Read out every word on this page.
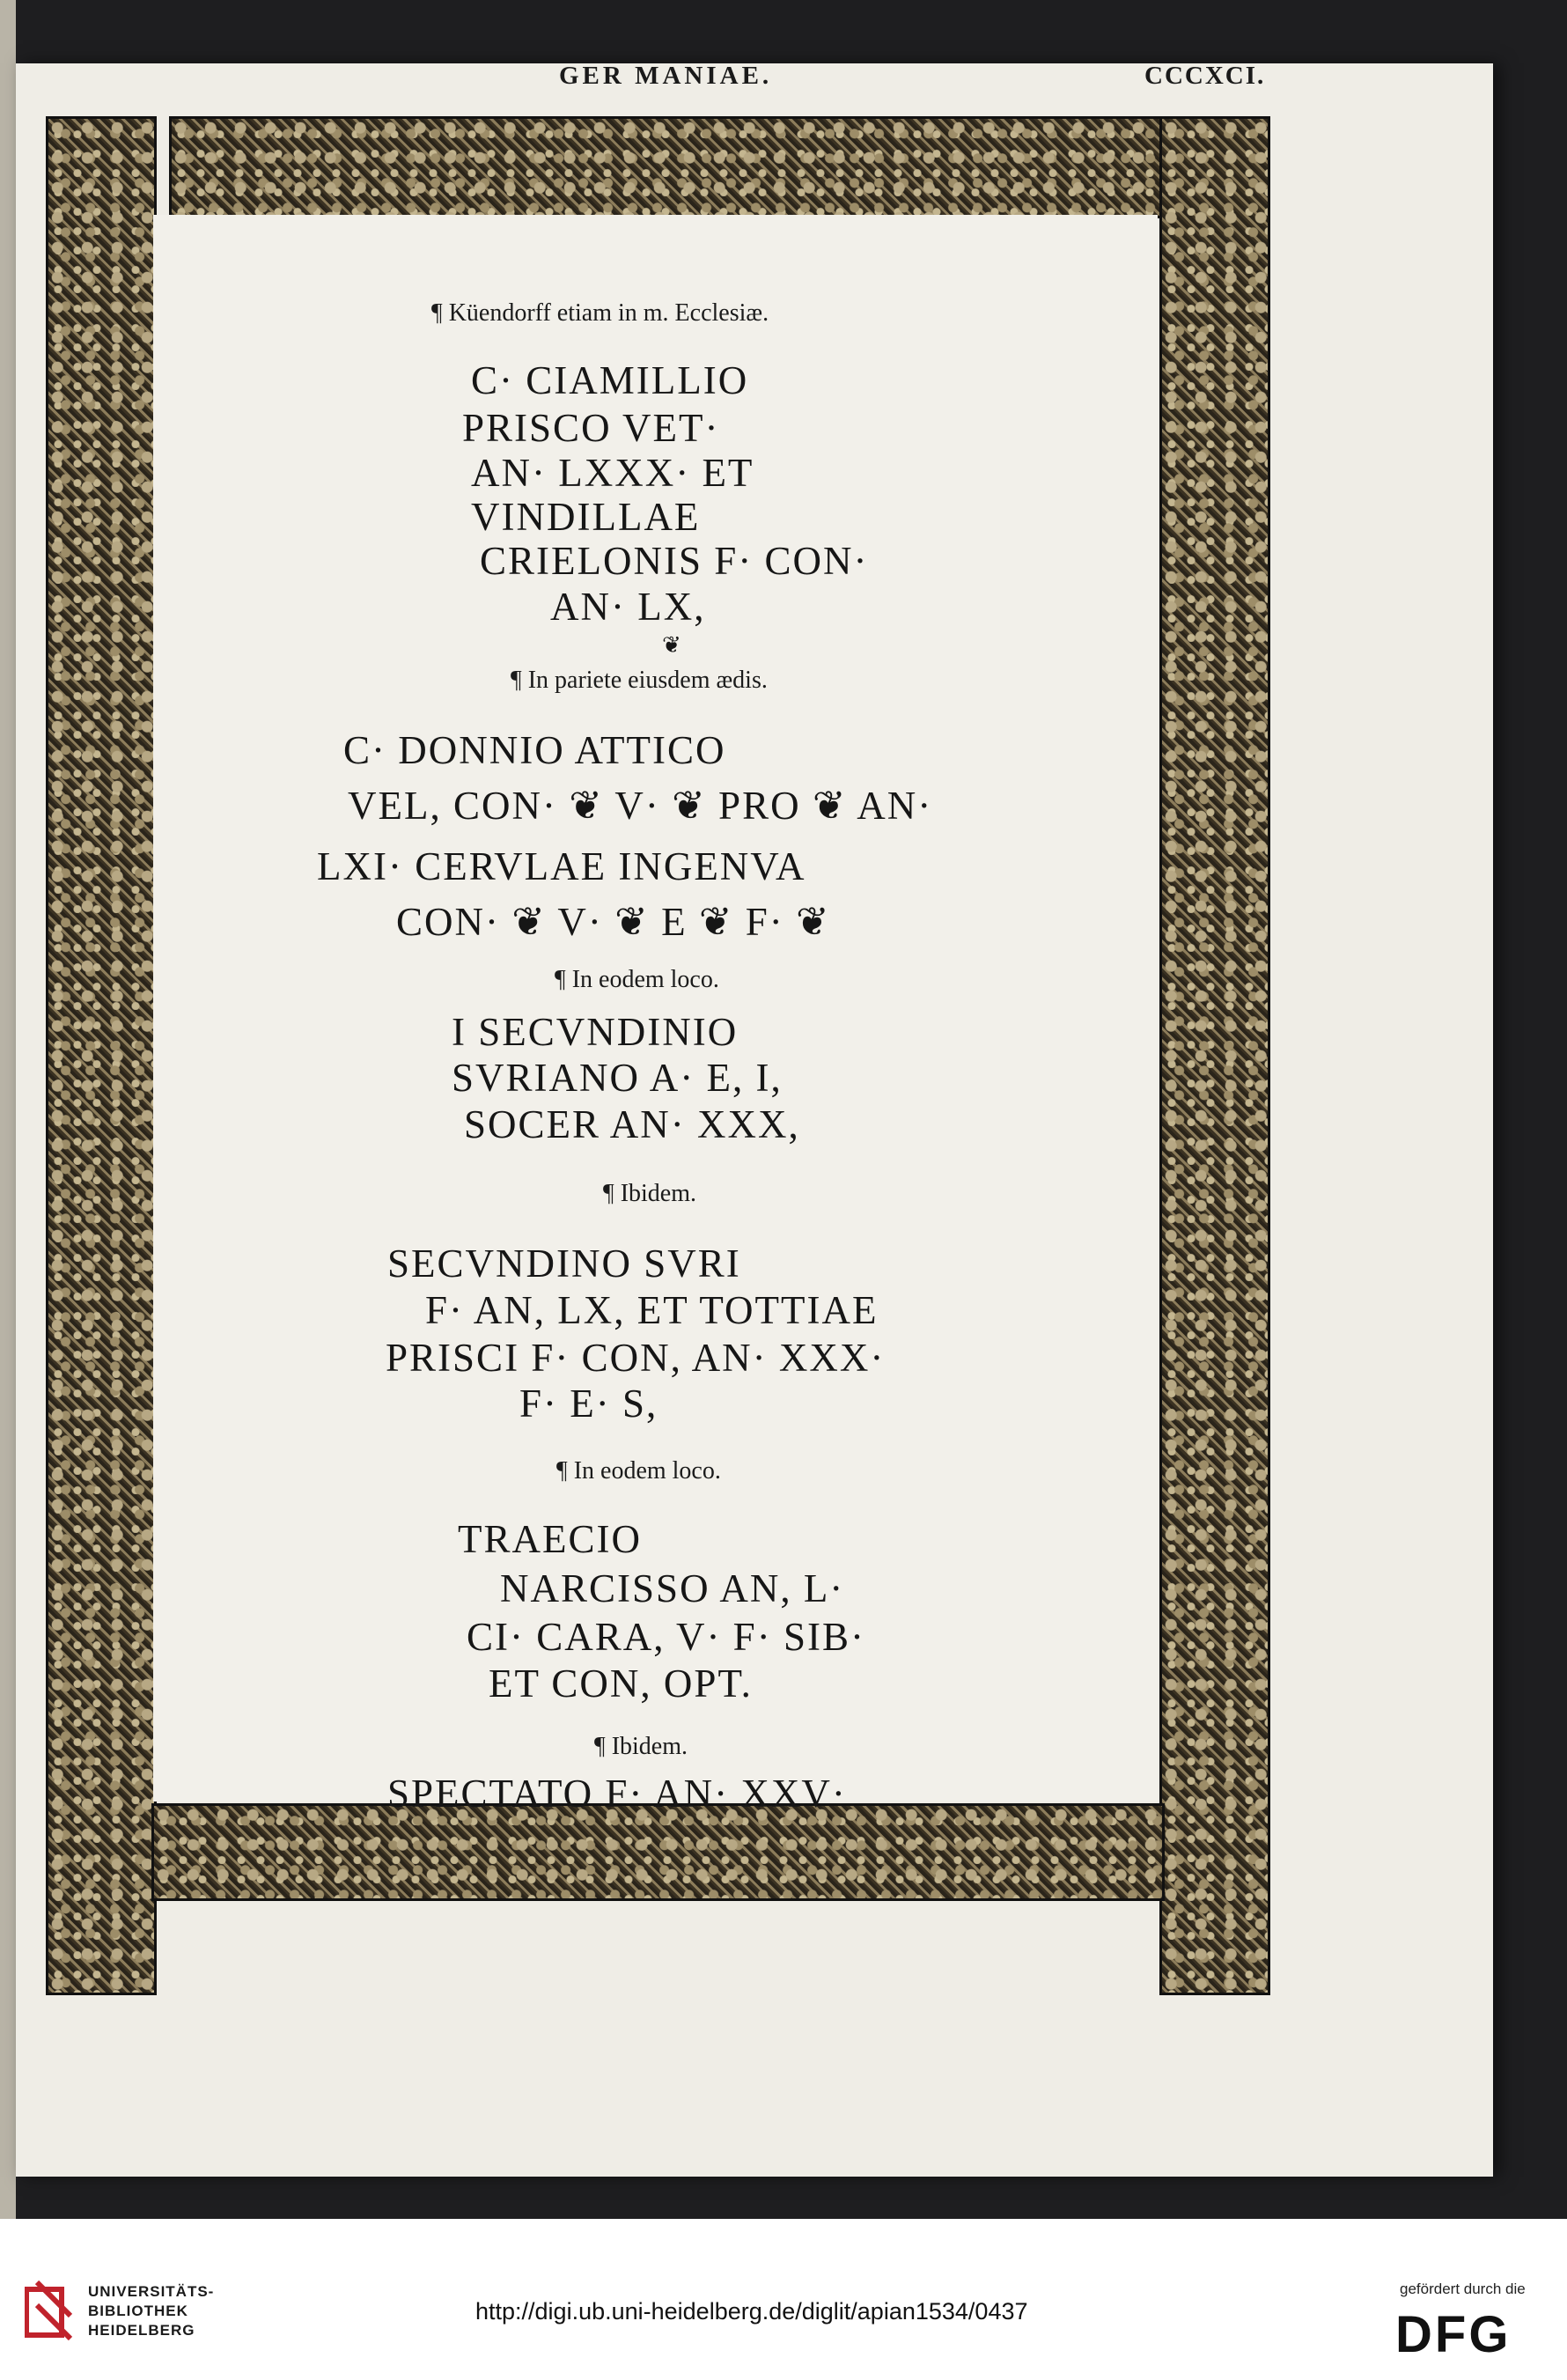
GER MANIAE.	CCCXCI.
¶ Küendorff etiam in m. Ecclesiæ.
C· CIAMILLIO
PRISCO VET·
AN· LXXX· ET
VINDILLAE
CRIELONIS F· CON·
AN· LX,
❦
¶ In pariete eiusdem ædis.
C· DONNIO ATTICO
VEL, CON· ❦ V· ❦ PRO ❦ AN·
LXI· CERVLAE INGENVA
CON· ❦ V· ❦ E ❦ F· ❦
¶ In eodem loco.
I SECVNDINIO
SVRIANO A· E, I,
SOCER AN· XXX,
¶ Ibidem.
SECVNDINO SVRI
F· AN, LX, ET TOTTIAE
PRISCI F· CON, AN· XXX·
F· E· S,
¶ In eodem loco.
TRAECIO
NARCISSO AN, L·
CI· CARA, V· F· SIB·
ET CON, OPT.
¶ Ibidem.
SPECTATO F· AN· XXV·
UNIVERSITÄTS-
BIBLIOTHEK
HEIDELBERG
http://digi.ub.uni-heidelberg.de/diglit/apian1534/0437
gefördert durch die
DFG
